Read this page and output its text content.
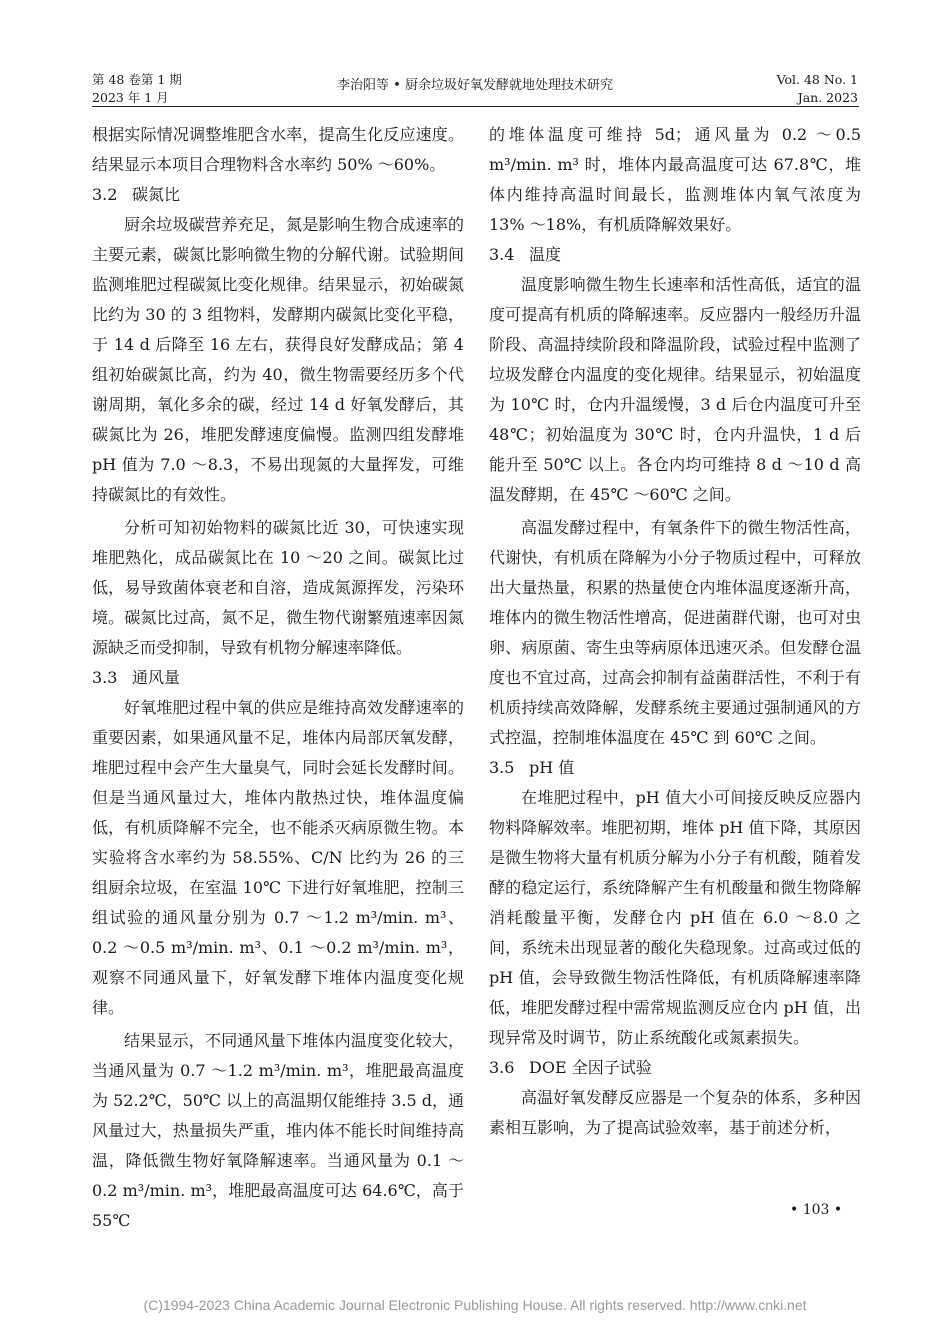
第 48 卷第 1 期
2023 年 1 月
李治阳等 • 厨余垃圾好氧发酵就地处理技术研究	Vol. 48 No. 1
Jan. 2023

根据实际情况调整堆肥含水率，提高生化反应速度。结果显示本项目合理物料含水率约 50% ～60%。

3.2 碳氮比

厨余垃圾碳营养充足，氮是影响生物合成速率的主要元素，碳氮比影响微生物的分解代谢。试验期间监测堆肥过程碳氮比变化规律。结果显示，初始碳氮比约为 30 的 3 组物料，发酵期内碳氮比变化平稳，于 14 d 后降至 16 左右，获得良好发酵成品；第 4 组初始碳氮比高，约为 40，微生物需要经历多个代谢周期，氧化多余的碳，经过 14 d 好氧发酵后，其碳氮比为 26，堆肥发酵速度偏慢。监测四组发酵堆 pH 值为 7.0 ～8.3，不易出现氮的大量挥发，可维持碳氮比的有效性。

分析可知初始物料的碳氮比近 30，可快速实现堆肥熟化，成品碳氮比在 10 ～20 之间。碳氮比过低，易导致菌体衰老和自溶，造成氮源挥发，污染环境。碳氮比过高，氮不足，微生物代谢繁殖速率因氮源缺乏而受抑制，导致有机物分解速率降低。

3.3 通风量

好氧堆肥过程中氧的供应是维持高效发酵速率的重要因素，如果通风量不足，堆体内局部厌氧发酵，堆肥过程中会产生大量臭气，同时会延长发酵时间。但是当通风量过大，堆体内散热过快，堆体温度偏低，有机质降解不完全，也不能杀灭病原微生物。本实验将含水率约为 58.55%、C/N 比约为 26 的三组厨余垃圾，在室温 10℃ 下进行好氧堆肥，控制三组试验的通风量分别为 0.7 ～1.2 m³/min. m³、0.2 ～0.5 m³/min. m³、0.1 ～0.2 m³/min. m³，观察不同通风量下，好氧发酵下堆体内温度变化规律。

结果显示，不同通风量下堆体内温度变化较大，当通风量为 0.7 ～1.2 m³/min. m³，堆肥最高温度为 52.2℃，50℃ 以上的高温期仅能维持 3.5 d，通风量过大，热量损失严重，堆内体不能长时间维持高温，降低微生物好氧降解速率。当通风量为 0.1 ～0.2 m³/min. m³，堆肥最高温度可达 64.6℃，高于 55℃

的堆体温度可维持 5d；通风量为 0.2 ～0.5 m³/min. m³ 时，堆体内最高温度可达 67.8℃，堆体内维持高温时间最长，监测堆体内氧气浓度为 13% ～18%，有机质降解效果好。

3.4 温度

温度影响微生物生长速率和活性高低，适宜的温度可提高有机质的降解速率。反应器内一般经历升温阶段、高温持续阶段和降温阶段，试验过程中监测了垃圾发酵仓内温度的变化规律。结果显示，初始温度为 10℃ 时，仓内升温缓慢，3 d 后仓内温度可升至 48℃；初始温度为 30℃ 时，仓内升温快，1 d 后能升至 50℃ 以上。各仓内均可维持 8 d ～10 d 高温发酵期，在 45℃ ～60℃ 之间。

高温发酵过程中，有氧条件下的微生物活性高，代谢快，有机质在降解为小分子物质过程中，可释放出大量热量，积累的热量使仓内堆体温度逐渐升高，堆体内的微生物活性增高，促进菌群代谢，也可对虫卵、病原菌、寄生虫等病原体迅速灭杀。但发酵仓温度也不宜过高，过高会抑制有益菌群活性，不利于有机质持续高效降解，发酵系统主要通过强制通风的方式控温，控制堆体温度在 45℃ 到 60℃ 之间。

3.5 pH 值

在堆肥过程中，pH 值大小可间接反映反应器内物料降解效率。堆肥初期，堆体 pH 值下降，其原因是微生物将大量有机质分解为小分子有机酸，随着发酵的稳定运行，系统降解产生有机酸量和微生物降解消耗酸量平衡，发酵仓内 pH 值在 6.0 ～8.0 之间，系统未出现显著的酸化失稳现象。过高或过低的 pH 值，会导致微生物活性降低，有机质降解速率降低，堆肥发酵过程中需常规监测反应仓内 pH 值，出现异常及时调节，防止系统酸化或氮素损失。

3.6 DOE 全因子试验

高温好氧发酵反应器是一个复杂的体系，多种因素相互影响，为了提高试验效率，基于前述分析，

• 103 •
(C)1994-2023 China Academic Journal Electronic Publishing House. All rights reserved. http://www.cnki.net
